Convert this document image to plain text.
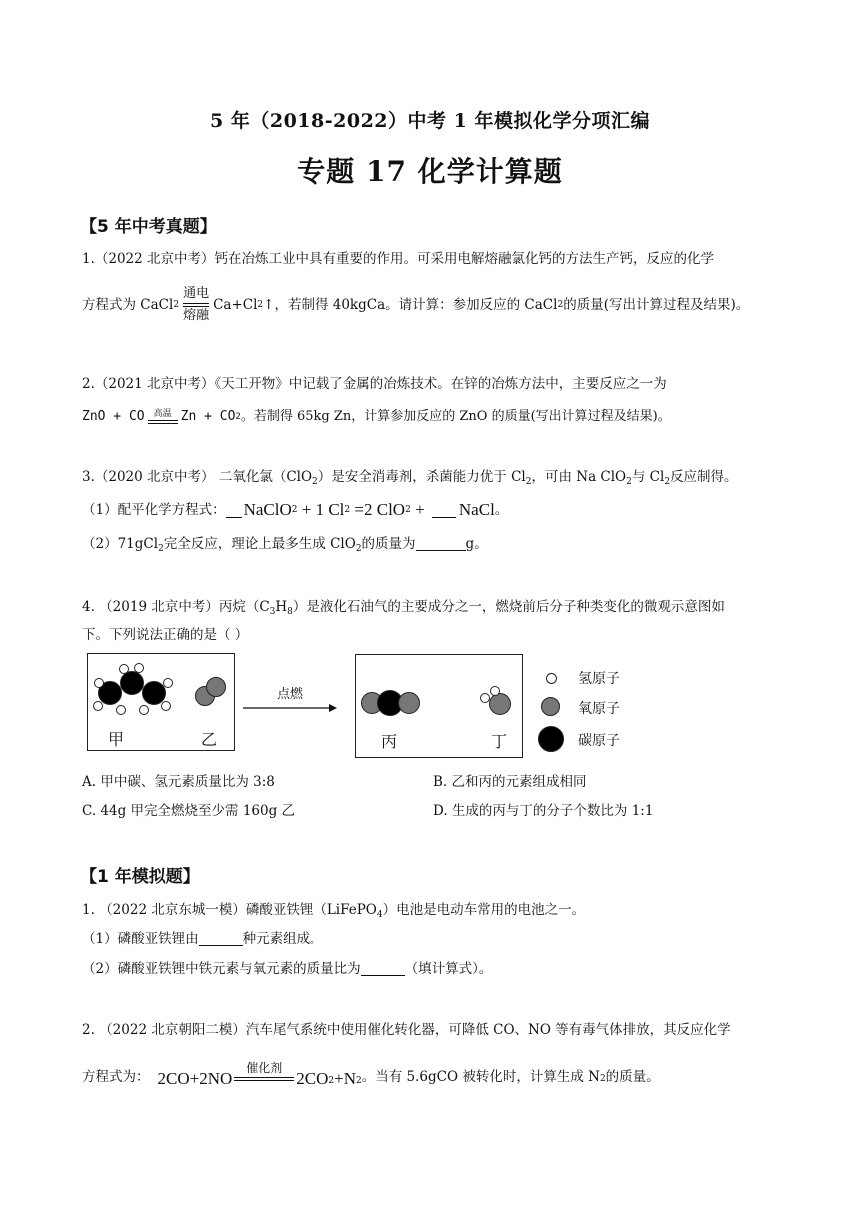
5 年（2018-2022）中考 1 年模拟化学分项汇编
专题 17 化学计算题
【5 年中考真题】
1.（2022 北京中考）钙在冶炼工业中具有重要的作用。可采用电解熔融氯化钙的方法生产钙，反应的化学
方程式为 CaCl 2
通电
熔融
Ca+Cl 2 ↑，若制得 40kgCa。请计算：参加反应的 CaCl 2 的质量(写出计算过程及结果)。
2.（2021 北京中考）《天工开物》中记载了金属的冶炼技术。在锌的冶炼方法中，主要反应之一为
ZnO + CO 高温 Zn + CO 2 。若制得 65kg Zn，计算参加反应的 ZnO 的质量(写出计算过程及结果)。
3.（2020 北京中考） 二氧化氯（ClO$_2$）是安全消毒剂，杀菌能力优于 $Cl_2$，可由 Na ClO$_2$与 $Cl_2$反应制得。
（1）配平化学方程式： NaClO 2 + 1 Cl 2 =2 ClO 2 + NaCl 。
（2）71gCl$_2$完全反应，理论上最多生成 ClO$_2$的质量为	g。
4. （2019 北京中考）丙烷$(C_3H_8)$是液化石油气的主要成分之一，燃烧前后分子种类变化的微观示意图如
下。下列说法正确的是（ ）
甲	乙
点燃
丙	丁
氢原子
氧原子
碳原子
A. 甲中碳、氢元素质量比为 3:8	B. 乙和丙的元素组成相同
C. 44g 甲完全燃烧至少需 160g 乙	D. 生成的丙与丁的分子个数比为 1:1
【1 年模拟题】
1. （2022 北京东城一模）磷酸亚铁锂（LiFePO$_4$）电池是电动车常用的电池之一。
（1）磷酸亚铁锂由	种元素组成。
（2）磷酸亚铁锂中铁元素与氧元素的质量比为	（填计算式）。
2. （2022 北京朝阳二模）汽车尾气系统中使用催化转化器，可降低 CO、NO 等有毒气体排放，其反应化学
方程式为： 2CO+2NO
催化剂
2CO 2 +N 2 。当有 5.6gCO 被转化时，计算生成 N 2 的质量。
